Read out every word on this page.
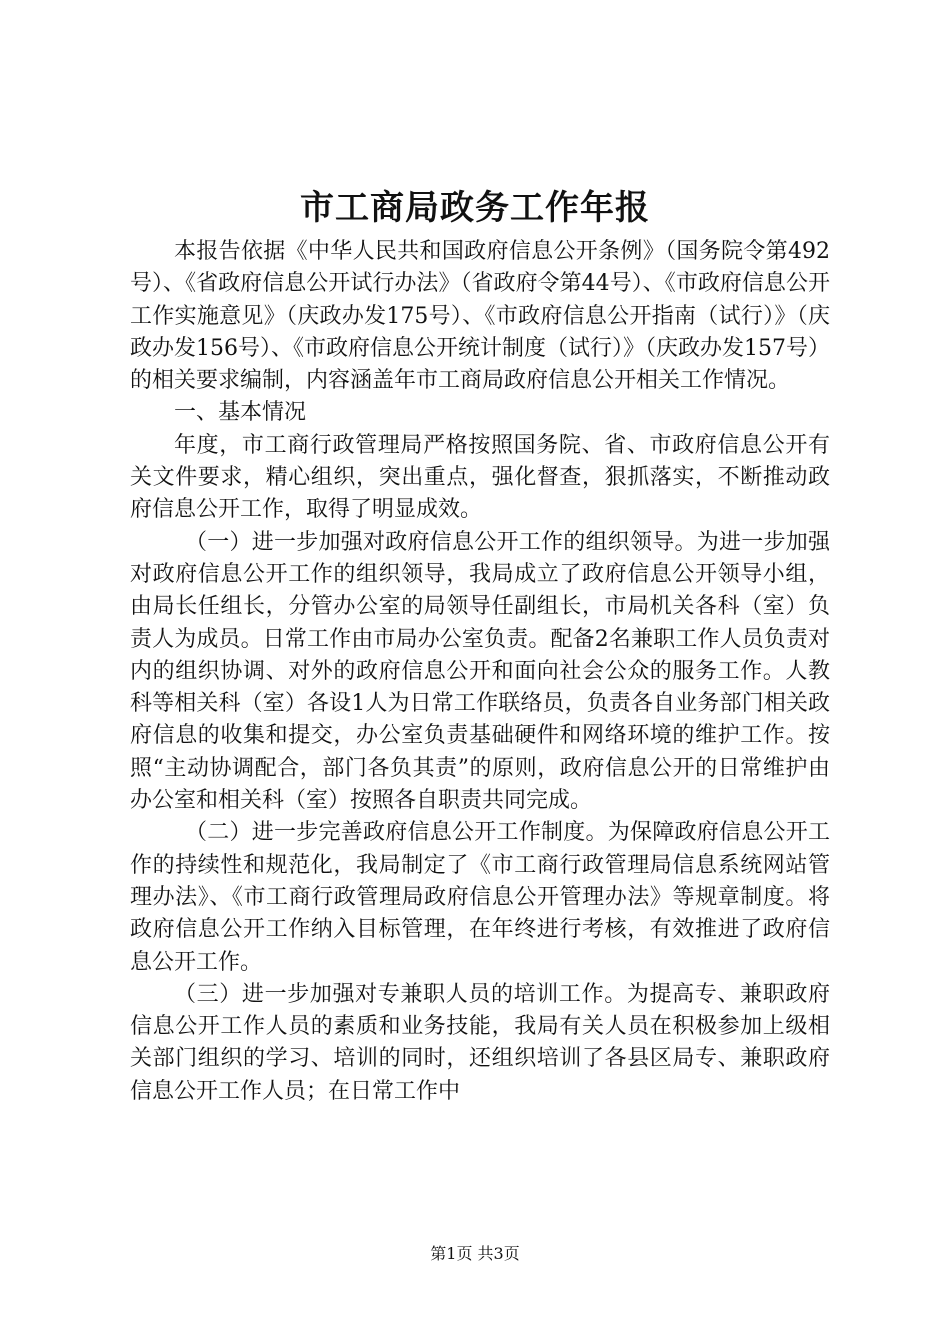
市工商局政务工作年报

本报告依据《中华人民共和国政府信息公开条例》（国务院令第492号）、《省政府信息公开试行办法》（省政府令第44号）、《市政府信息公开工作实施意见》（庆政办发175号）、《市政府信息公开指南（试行）》（庆政办发156号）、《市政府信息公开统计制度（试行）》（庆政办发157号）的相关要求编制，内容涵盖年市工商局政府信息公开相关工作情况。

一、基本情况

年度，市工商行政管理局严格按照国务院、省、市政府信息公开有关文件要求，精心组织，突出重点，强化督查，狠抓落实，不断推动政府信息公开工作，取得了明显成效。

（一）进一步加强对政府信息公开工作的组织领导。为进一步加强对政府信息公开工作的组织领导，我局成立了政府信息公开领导小组，由局长任组长，分管办公室的局领导任副组长，市局机关各科（室）负责人为成员。日常工作由市局办公室负责。配备2名兼职工作人员负责对内的组织协调、对外的政府信息公开和面向社会公众的服务工作。人教科等相关科（室）各设1人为日常工作联络员，负责各自业务部门相关政府信息的收集和提交，办公室负责基础硬件和网络环境的维护工作。按照“主动协调配合，部门各负其责”的原则，政府信息公开的日常维护由办公室和相关科（室）按照各自职责共同完成。

（二）进一步完善政府信息公开工作制度。为保障政府信息公开工作的持续性和规范化，我局制定了《市工商行政管理局信息系统网站管理办法》、《市工商行政管理局政府信息公开管理办法》等规章制度。将政府信息公开工作纳入目标管理，在年终进行考核，有效推进了政府信息公开工作。

（三）进一步加强对专兼职人员的培训工作。为提高专、兼职政府信息公开工作人员的素质和业务技能，我局有关人员在积极参加上级相关部门组织的学习、培训的同时，还组织培训了各县区局专、兼职政府信息公开工作人员；在日常工作中

第1页 共3页
